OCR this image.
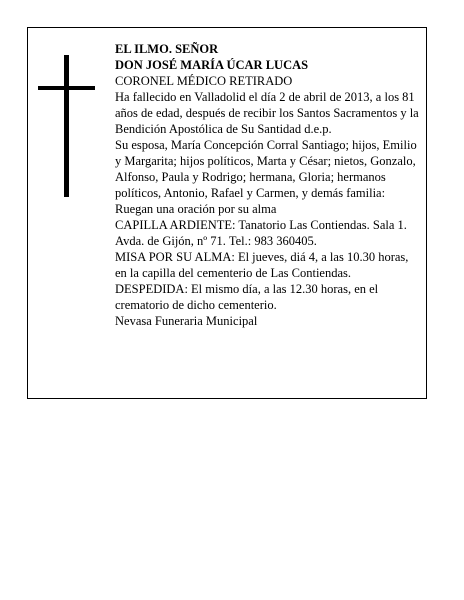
EL ILMO. SEÑOR

DON JOSÉ MARÍA ÚCAR LUCAS

CORONEL MÉDICO RETIRADO

Ha fallecido en Valladolid el día 2 de abril de 2013, a los 81 años de edad, después de recibir los Santos Sacramentos y la Bendición Apostólica de Su Santidad d.e.p.

Su esposa, María Concepción Corral Santiago; hijos, Emilio y Margarita; hijos políticos, Marta y César; nietos, Gonzalo, Alfonso, Paula y Rodrigo; hermana, Gloria; hermanos políticos, Antonio, Rafael y Carmen, y demás familia:

Ruegan una oración por su alma

CAPILLA ARDIENTE: Tanatorio Las Contiendas. Sala 1. Avda. de Gijón, nº 71. Tel.: 983 360405.

MISA POR SU ALMA: El jueves, diá 4, a las 10.30 horas, en la capilla del cementerio de Las Contiendas.

DESPEDIDA: El mismo día, a las 12.30 horas, en el crematorio de dicho cementerio.

Nevasa Funeraria Municipal
